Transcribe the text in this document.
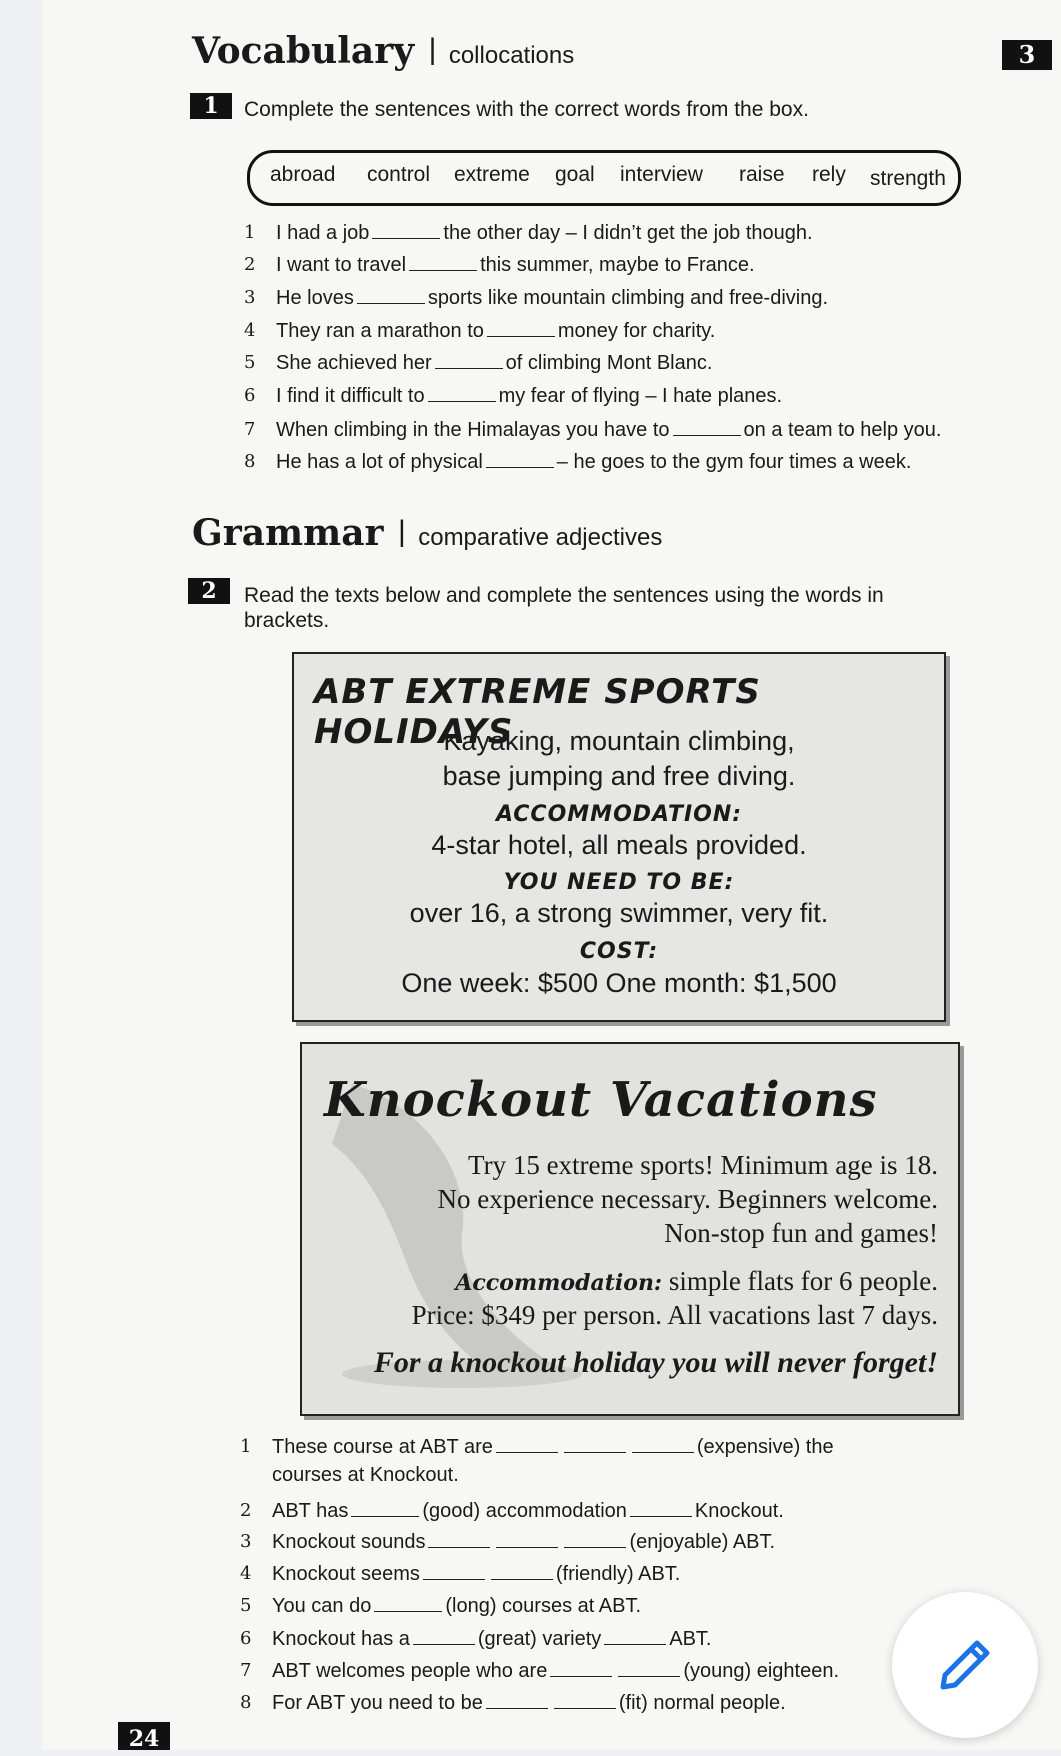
Vocabulary | collocations	3
1	Complete the sentences with the correct words from the box.
abroad control extreme goal interview raise rely strength
1	I had a job	the other day – I didn’t get the job though.
2	I want to travel	this summer, maybe to France.
3	He loves	sports like mountain climbing and free-diving.
4	They ran a marathon to	money for charity.
5	She achieved her	of climbing Mont Blanc.
6	I find it difficult to	my fear of flying – I hate planes.
7	When climbing in the Himalayas you have to	on a team to help you.
8	He has a lot of physical	– he goes to the gym four times a week.
Grammar | comparative adjectives
2	Read the texts below and complete the sentences using the words in
brackets.
ABT EXTREME SPORTS HOLIDAYS
Kayaking, mountain climbing,
base jumping and free diving.
ACCOMMODATION:
4-star hotel, all meals provided.
YOU NEED TO BE:
over 16, a strong swimmer, very fit.
COST:
One week: $500 One month: $1,500
Knockout Vacations
Try 15 extreme sports! Minimum age is 18.
No experience necessary. Beginners welcome.
Non-stop fun and games!
Accommodation: simple flats for 6 people.
Price: $349 per person. All vacations last 7 days.
For a knockout holiday you will never forget!
1	These course at ABT are	(expensive) the
courses at Knockout.
2	ABT has	(good) accommodation	Knockout.
3	Knockout sounds	(enjoyable) ABT.
4	Knockout seems	(friendly) ABT.
5	You can do	(long) courses at ABT.
6	Knockout has a	(great) variety	ABT.
7	ABT welcomes people who are	(young) eighteen.
8	For ABT you need to be	(fit) normal people.
24
